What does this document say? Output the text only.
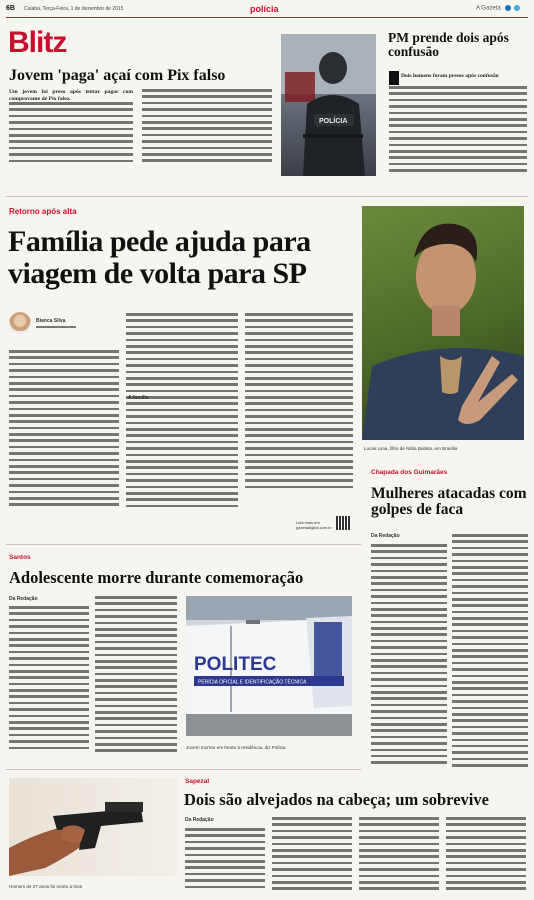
6B Cuiabá, Terça-Feira, 1 de dezembro de 2015	polícia	A Gazeta
Blitz
Jovem 'paga' açaí com Pix falso
Um jovem foi preso após tentar pagar com comprovante de Pix falso.
POLÍCIA
PM prende dois após confusão
Dois homens foram presos após confusão
Retorno após alta
Família pede ajuda para viagem de volta para SP
Bianca Silva
A família
Leia mais em gazetadigital.com.br
Lucas Lima, filho de Nilda Batista, em Brasília
Chapada dos Guimarães
Mulheres atacadas com golpes de faca
Da Redação
Santos
Adolescente morre durante comemoração
Da Redação
POLITEC
PERÍCIA OFICIAL E IDENTIFICAÇÃO TÉCNICA
Jovem morreu em frente à residência, diz Polícia
Homem de 27 anos foi morto a tiros
Sapezal
Dois são alvejados na cabeça; um sobrevive
Da Redação
